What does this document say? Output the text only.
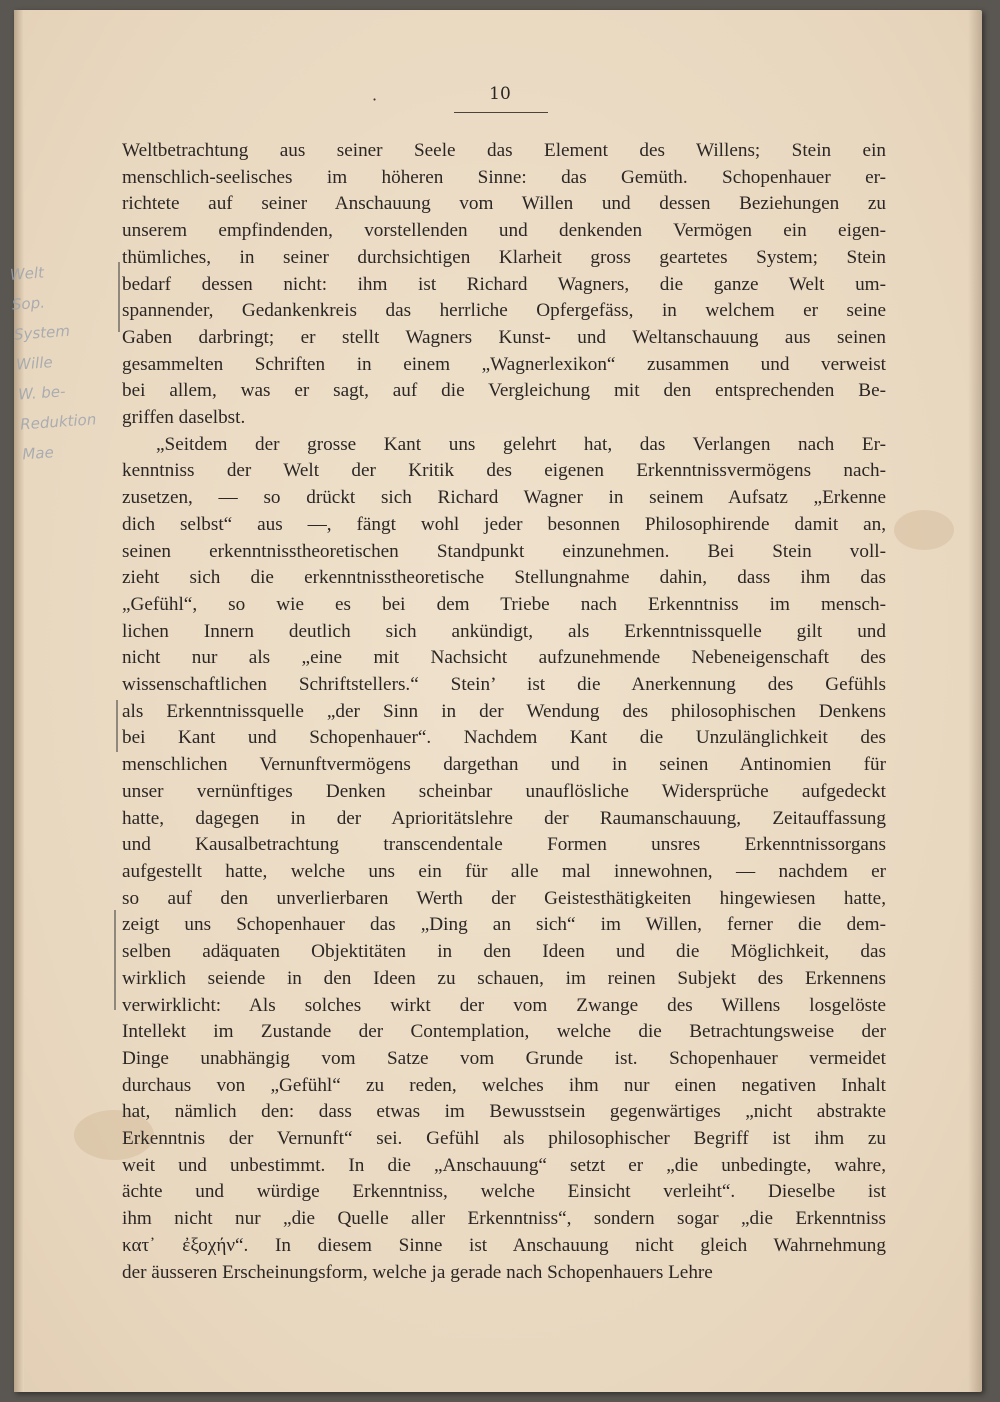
·	10
Welt
Sop.
System
Wille
W. be-
Reduktion
Mae
Weltbetrachtung aus seiner Seele das Element des Willens; Stein ein
menschlich-seelisches im höheren Sinne: das Gemüth. Schopenhauer er-
richtete auf seiner Anschauung vom Willen und dessen Beziehungen zu
unserem empfindenden, vorstellenden und denkenden Vermögen ein eigen-
thümliches, in seiner durchsichtigen Klarheit gross geartetes System; Stein
bedarf dessen nicht: ihm ist Richard Wagners, die ganze Welt um-
spannender, Gedankenkreis das herrliche Opfergefäss, in welchem er seine
Gaben darbringt; er stellt Wagners Kunst- und Weltanschauung aus seinen
gesammelten Schriften in einem „Wagnerlexikon“ zusammen und verweist
bei allem, was er sagt, auf die Vergleichung mit den entsprechenden Be-
griffen daselbst.
„Seitdem der grosse Kant uns gelehrt hat, das Verlangen nach Er-
kenntniss der Welt der Kritik des eigenen Erkenntnissvermögens nach-
zusetzen, — so drückt sich Richard Wagner in seinem Aufsatz „Erkenne
dich selbst“ aus —, fängt wohl jeder besonnen Philosophirende damit an,
seinen erkenntnisstheoretischen Standpunkt einzunehmen. Bei Stein voll-
zieht sich die erkenntnisstheoretische Stellungnahme dahin, dass ihm das
„Gefühl“, so wie es bei dem Triebe nach Erkenntniss im mensch-
lichen Innern deutlich sich ankündigt, als Erkenntnissquelle gilt und
nicht nur als „eine mit Nachsicht aufzunehmende Nebeneigenschaft des
wissenschaftlichen Schriftstellers.“ Stein’ ist die Anerkennung des Gefühls
als Erkenntnissquelle „der Sinn in der Wendung des philosophischen Denkens
bei Kant und Schopenhauer“. Nachdem Kant die Unzulänglichkeit des
menschlichen Vernunftvermögens dargethan und in seinen Antinomien für
unser vernünftiges Denken scheinbar unauflösliche Widersprüche aufgedeckt
hatte, dagegen in der Aprioritätslehre der Raumanschauung, Zeitauffassung
und Kausalbetrachtung transcendentale Formen unsres Erkenntnissorgans
aufgestellt hatte, welche uns ein für alle mal innewohnen, — nachdem er
so auf den unverlierbaren Werth der Geistesthätigkeiten hingewiesen hatte,
zeigt uns Schopenhauer das „Ding an sich“ im Willen, ferner die dem-
selben adäquaten Objektitäten in den Ideen und die Möglichkeit, das
wirklich seiende in den Ideen zu schauen, im reinen Subjekt des Erkennens
verwirklicht: Als solches wirkt der vom Zwange des Willens losgelöste
Intellekt im Zustande der Contemplation, welche die Betrachtungsweise der
Dinge unabhängig vom Satze vom Grunde ist. Schopenhauer vermeidet
durchaus von „Gefühl“ zu reden, welches ihm nur einen negativen Inhalt
hat, nämlich den: dass etwas im Bewusstsein gegenwärtiges „nicht abstrakte
Erkenntnis der Vernunft“ sei. Gefühl als philosophischer Begriff ist ihm zu
weit und unbestimmt. In die „Anschauung“ setzt er „die unbedingte, wahre,
ächte und würdige Erkenntniss, welche Einsicht verleiht“. Dieselbe ist
ihm nicht nur „die Quelle aller Erkenntniss“, sondern sogar „die Erkenntniss
κατ᾽ ἐξοχήν“. In diesem Sinne ist Anschauung nicht gleich Wahrnehmung
der äusseren Erscheinungsform, welche ja gerade nach Schopenhauers Lehre
